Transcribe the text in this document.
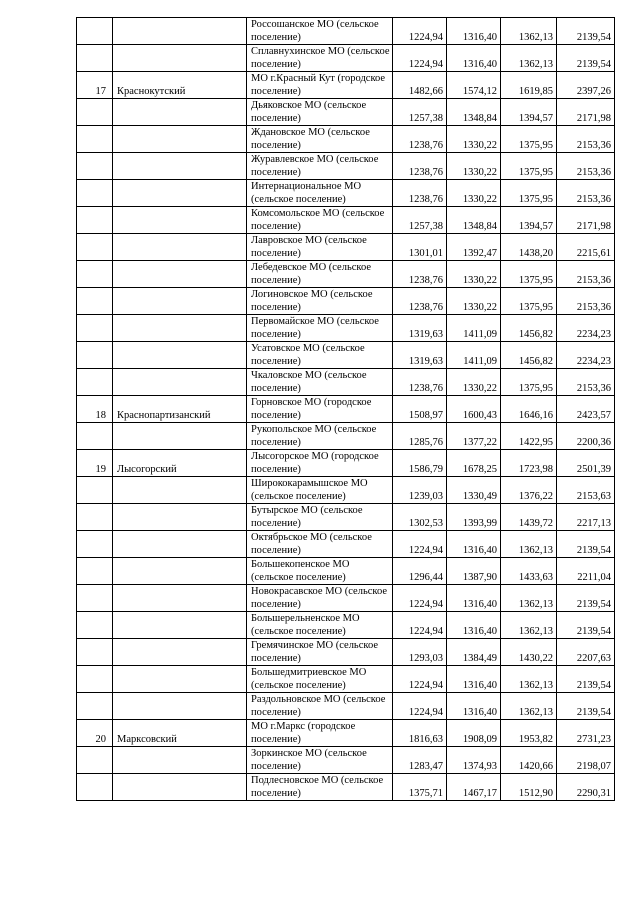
		Россошанское МО (сельское поселение)	1224,94	1316,40	1362,13	2139,54
		Сплавнухинское МО (сельское поселение)	1224,94	1316,40	1362,13	2139,54
17	Краснокутский	МО г.Красный Кут (городское поселение)	1482,66	1574,12	1619,85	2397,26
		Дьяковское МО (сельское поселение)	1257,38	1348,84	1394,57	2171,98
		Ждановское МО (сельское поселение)	1238,76	1330,22	1375,95	2153,36
		Журавлевское МО (сельское поселение)	1238,76	1330,22	1375,95	2153,36
		Интернациональное МО (сельское поселение)	1238,76	1330,22	1375,95	2153,36
		Комсомольское МО (сельское поселение)	1257,38	1348,84	1394,57	2171,98
		Лавровское МО (сельское поселение)	1301,01	1392,47	1438,20	2215,61
		Лебедевское МО (сельское поселение)	1238,76	1330,22	1375,95	2153,36
		Логиновское МО (сельское поселение)	1238,76	1330,22	1375,95	2153,36
		Первомайское МО (сельское поселение)	1319,63	1411,09	1456,82	2234,23
		Усатовское МО (сельское поселение)	1319,63	1411,09	1456,82	2234,23
		Чкаловское МО (сельское поселение)	1238,76	1330,22	1375,95	2153,36
18	Краснопартизанский	Горновское МО (городское поселение)	1508,97	1600,43	1646,16	2423,57
		Рукопольское МО (сельское поселение)	1285,76	1377,22	1422,95	2200,36
19	Лысогорский	Лысогорское МО (городское поселение)	1586,79	1678,25	1723,98	2501,39
		Ширококарамышское МО (сельское поселение)	1239,03	1330,49	1376,22	2153,63
		Бутырское МО (сельское поселение)	1302,53	1393,99	1439,72	2217,13
		Октябрьское МО (сельское поселение)	1224,94	1316,40	1362,13	2139,54
		Большекопенское МО (сельское поселение)	1296,44	1387,90	1433,63	2211,04
		Новокрасавское МО (сельское поселение)	1224,94	1316,40	1362,13	2139,54
		Большерельненское МО (сельское поселение)	1224,94	1316,40	1362,13	2139,54
		Гремячинское МО (сельское поселение)	1293,03	1384,49	1430,22	2207,63
		Большедмитриевское МО (сельское поселение)	1224,94	1316,40	1362,13	2139,54
		Раздольновское МО (сельское поселение)	1224,94	1316,40	1362,13	2139,54
20	Марксовский	МО г.Маркс (городское поселение)	1816,63	1908,09	1953,82	2731,23
		Зоркинское МО (сельское поселение)	1283,47	1374,93	1420,66	2198,07
		Подлесновское МО (сельское поселение)	1375,71	1467,17	1512,90	2290,31
